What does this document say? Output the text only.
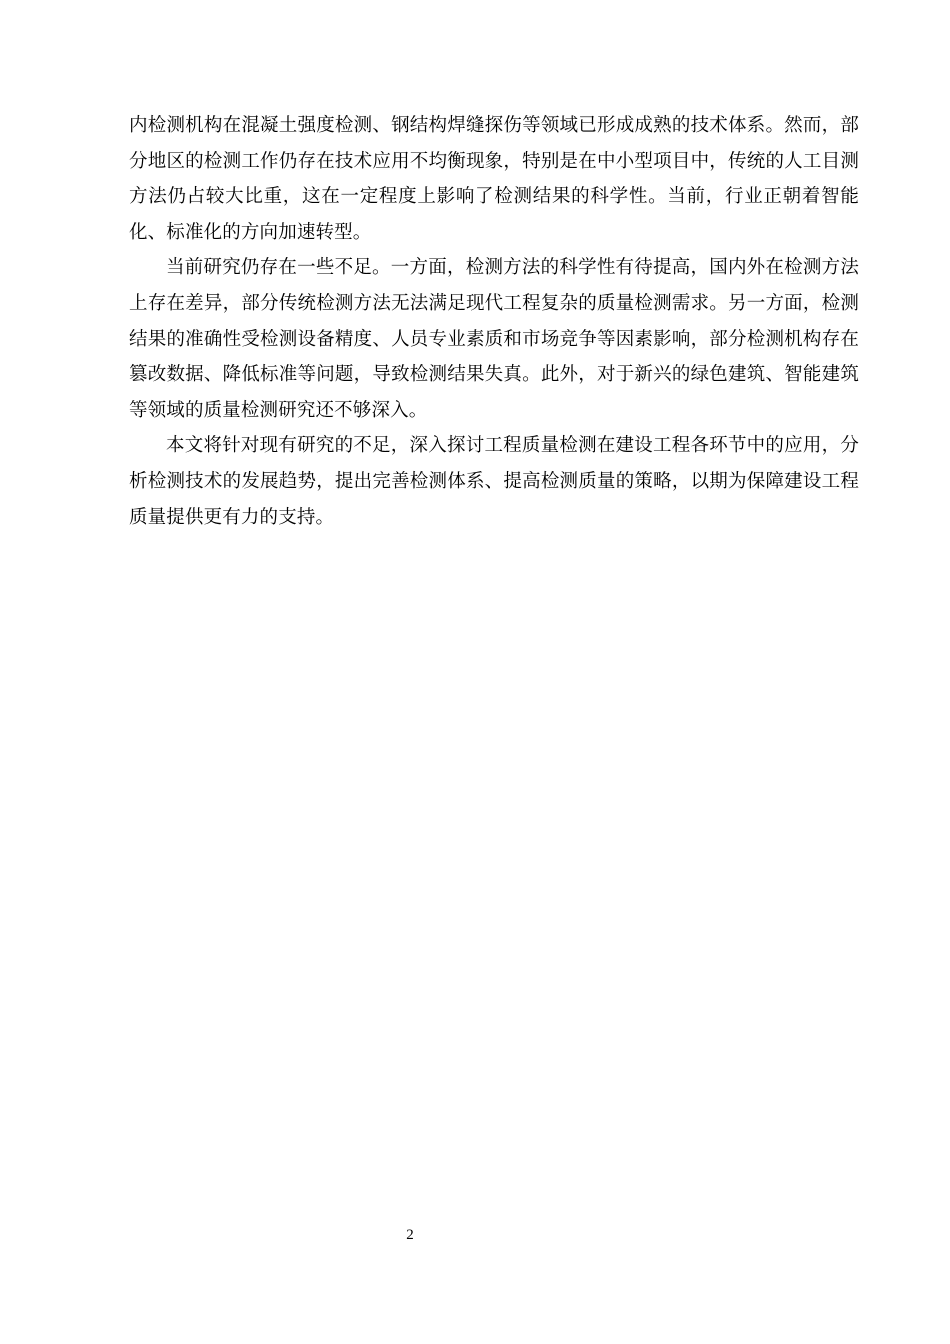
内检测机构在混凝土强度检测、钢结构焊缝探伤等领域已形成成熟的技术体系。然而，部分地区的检测工作仍存在技术应用不均衡现象，特别是在中小型项目中，传统的人工目测方法仍占较大比重，这在一定程度上影响了检测结果的科学性。当前，行业正朝着智能化、标准化的方向加速转型。

当前研究仍存在一些不足。一方面，检测方法的科学性有待提高，国内外在检测方法上存在差异，部分传统检测方法无法满足现代工程复杂的质量检测需求。另一方面，检测结果的准确性受检测设备精度、人员专业素质和市场竞争等因素影响，部分检测机构存在篡改数据、降低标准等问题，导致检测结果失真。此外，对于新兴的绿色建筑、智能建筑等领域的质量检测研究还不够深入。

本文将针对现有研究的不足，深入探讨工程质量检测在建设工程各环节中的应用，分析检测技术的发展趋势，提出完善检测体系、提高检测质量的策略，以期为保障建设工程质量提供更有力的支持。

2
